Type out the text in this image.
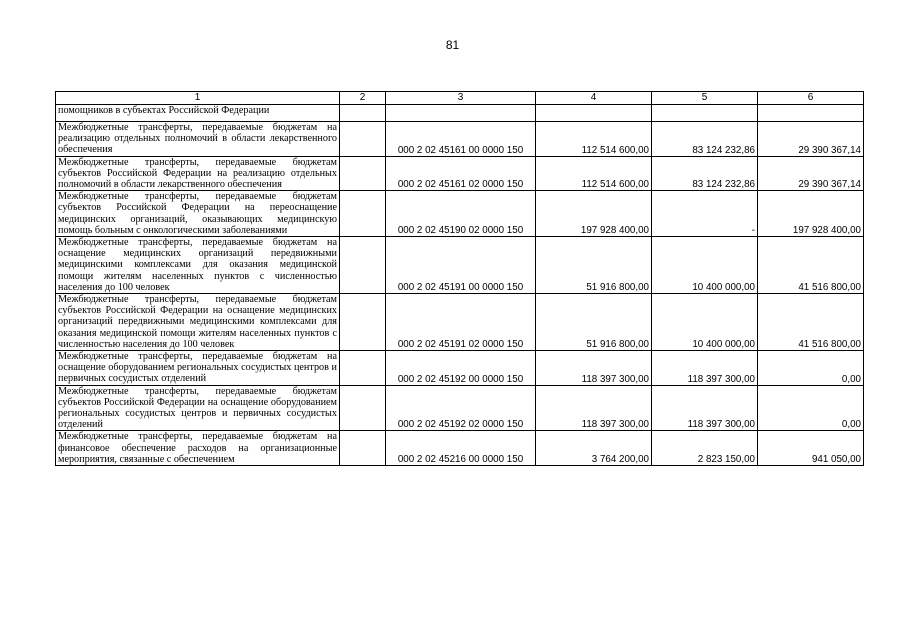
81
1	2	3	4	5	6
помощников в субъектах Российской Федерации					
Межбюджетные трансферты, передаваемые бюджетам на реализацию отдельных полномочий в области лекарственного обеспечения		000 2 02 45161 00 0000 150	112 514 600,00	83 124 232,86	29 390 367,14
Межбюджетные трансферты, передаваемые бюджетам субъектов Российской Федерации на реализацию отдельных полномочий в области лекарственного обеспечения		000 2 02 45161 02 0000 150	112 514 600,00	83 124 232,86	29 390 367,14
Межбюджетные трансферты, передаваемые бюджетам субъектов Российской Федерации на переоснащение медицинских организаций, оказывающих медицинскую помощь больным с онкологическими заболеваниями		000 2 02 45190 02 0000 150	197 928 400,00	-	197 928 400,00
Межбюджетные трансферты, передаваемые бюджетам на оснащение медицинских организаций передвижными медицинскими комплексами для оказания медицинской помощи жителям населенных пунктов с численностью населения до 100 человек		000 2 02 45191 00 0000 150	51 916 800,00	10 400 000,00	41 516 800,00
Межбюджетные трансферты, передаваемые бюджетам субъектов Российской Федерации на оснащение медицинских организаций передвижными медицинскими комплексами для оказания медицинской помощи жителям населенных пунктов с численностью населения до 100 человек		000 2 02 45191 02 0000 150	51 916 800,00	10 400 000,00	41 516 800,00
Межбюджетные трансферты, передаваемые бюджетам на оснащение оборудованием региональных сосудистых центров и первичных сосудистых отделений		000 2 02 45192 00 0000 150	118 397 300,00	118 397 300,00	0,00
Межбюджетные трансферты, передаваемые бюджетам субъектов Российской Федерации на оснащение оборудованием региональных сосудистых центров и первичных сосудистых отделений		000 2 02 45192 02 0000 150	118 397 300,00	118 397 300,00	0,00
Межбюджетные трансферты, передаваемые бюджетам на финансовое обеспечение расходов на организационные мероприятия, связанные с обеспечением		000 2 02 45216 00 0000 150	3 764 200,00	2 823 150,00	941 050,00
